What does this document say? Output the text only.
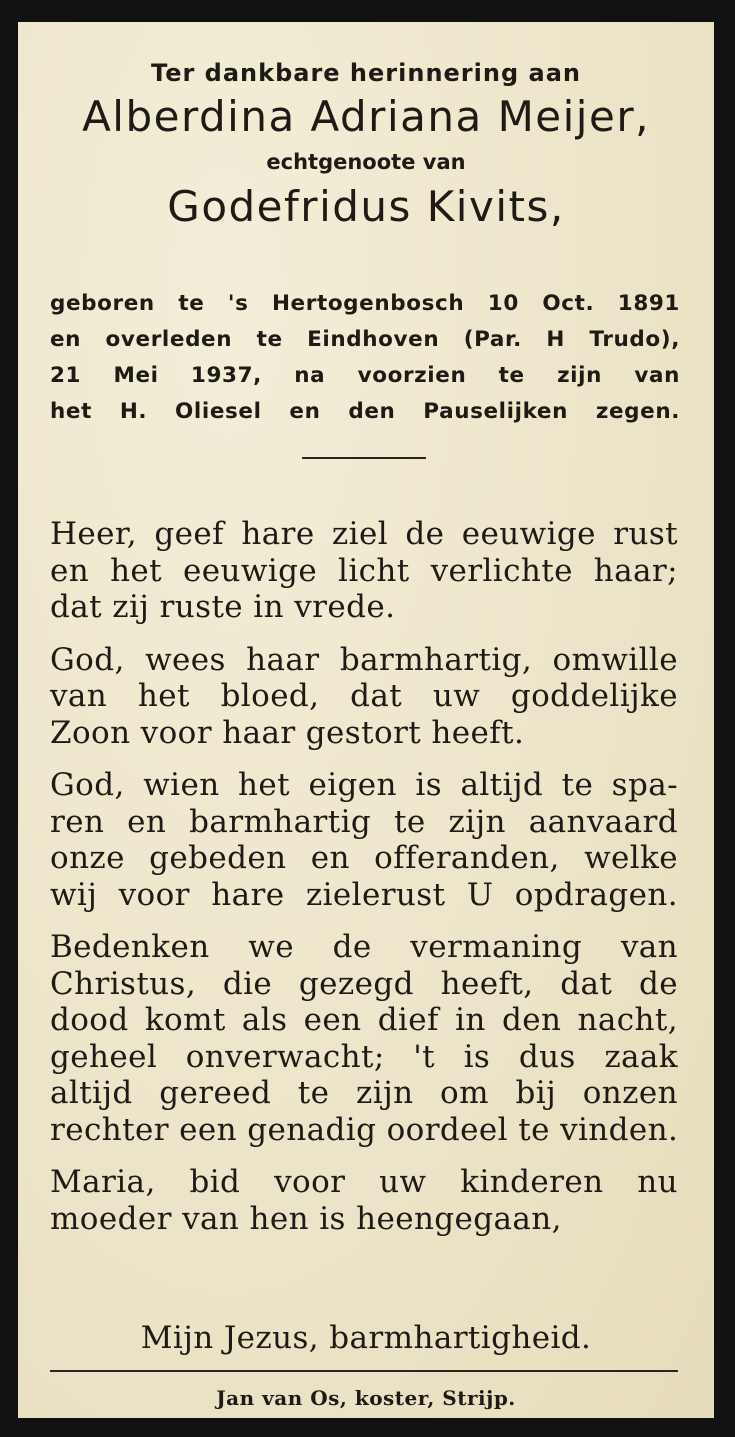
Ter dankbare herinnering aan
Alberdina Adriana Meijer,
echtgenoote van
Godefridus Kivits,
geboren te 's Hertogenbosch 10 Oct. 1891
en overleden te Eindhoven (Par. H Trudo),
21 Mei 1937, na voorzien te zijn van
het H. Oliesel en den Pauselijken zegen.
Heer, geef hare ziel de eeuwige rust
en het eeuwige licht verlichte haar;
dat zij ruste in vrede.
God, wees haar barmhartig, omwille
van het bloed, dat uw goddelijke
Zoon voor haar gestort heeft.
God, wien het eigen is altijd te spa-
ren en barmhartig te zijn aanvaard
onze gebeden en offeranden, welke
wij voor hare zielerust U opdragen.
Bedenken we de vermaning van
Christus, die gezegd heeft, dat de
dood komt als een dief in den nacht,
geheel onverwacht; 't is dus zaak
altijd gereed te zijn om bij onzen
rechter een genadig oordeel te vinden.
Maria, bid voor uw kinderen nu
moeder van hen is heengegaan,
Mijn Jezus, barmhartigheid.
Jan van Os, koster, Strijp.
